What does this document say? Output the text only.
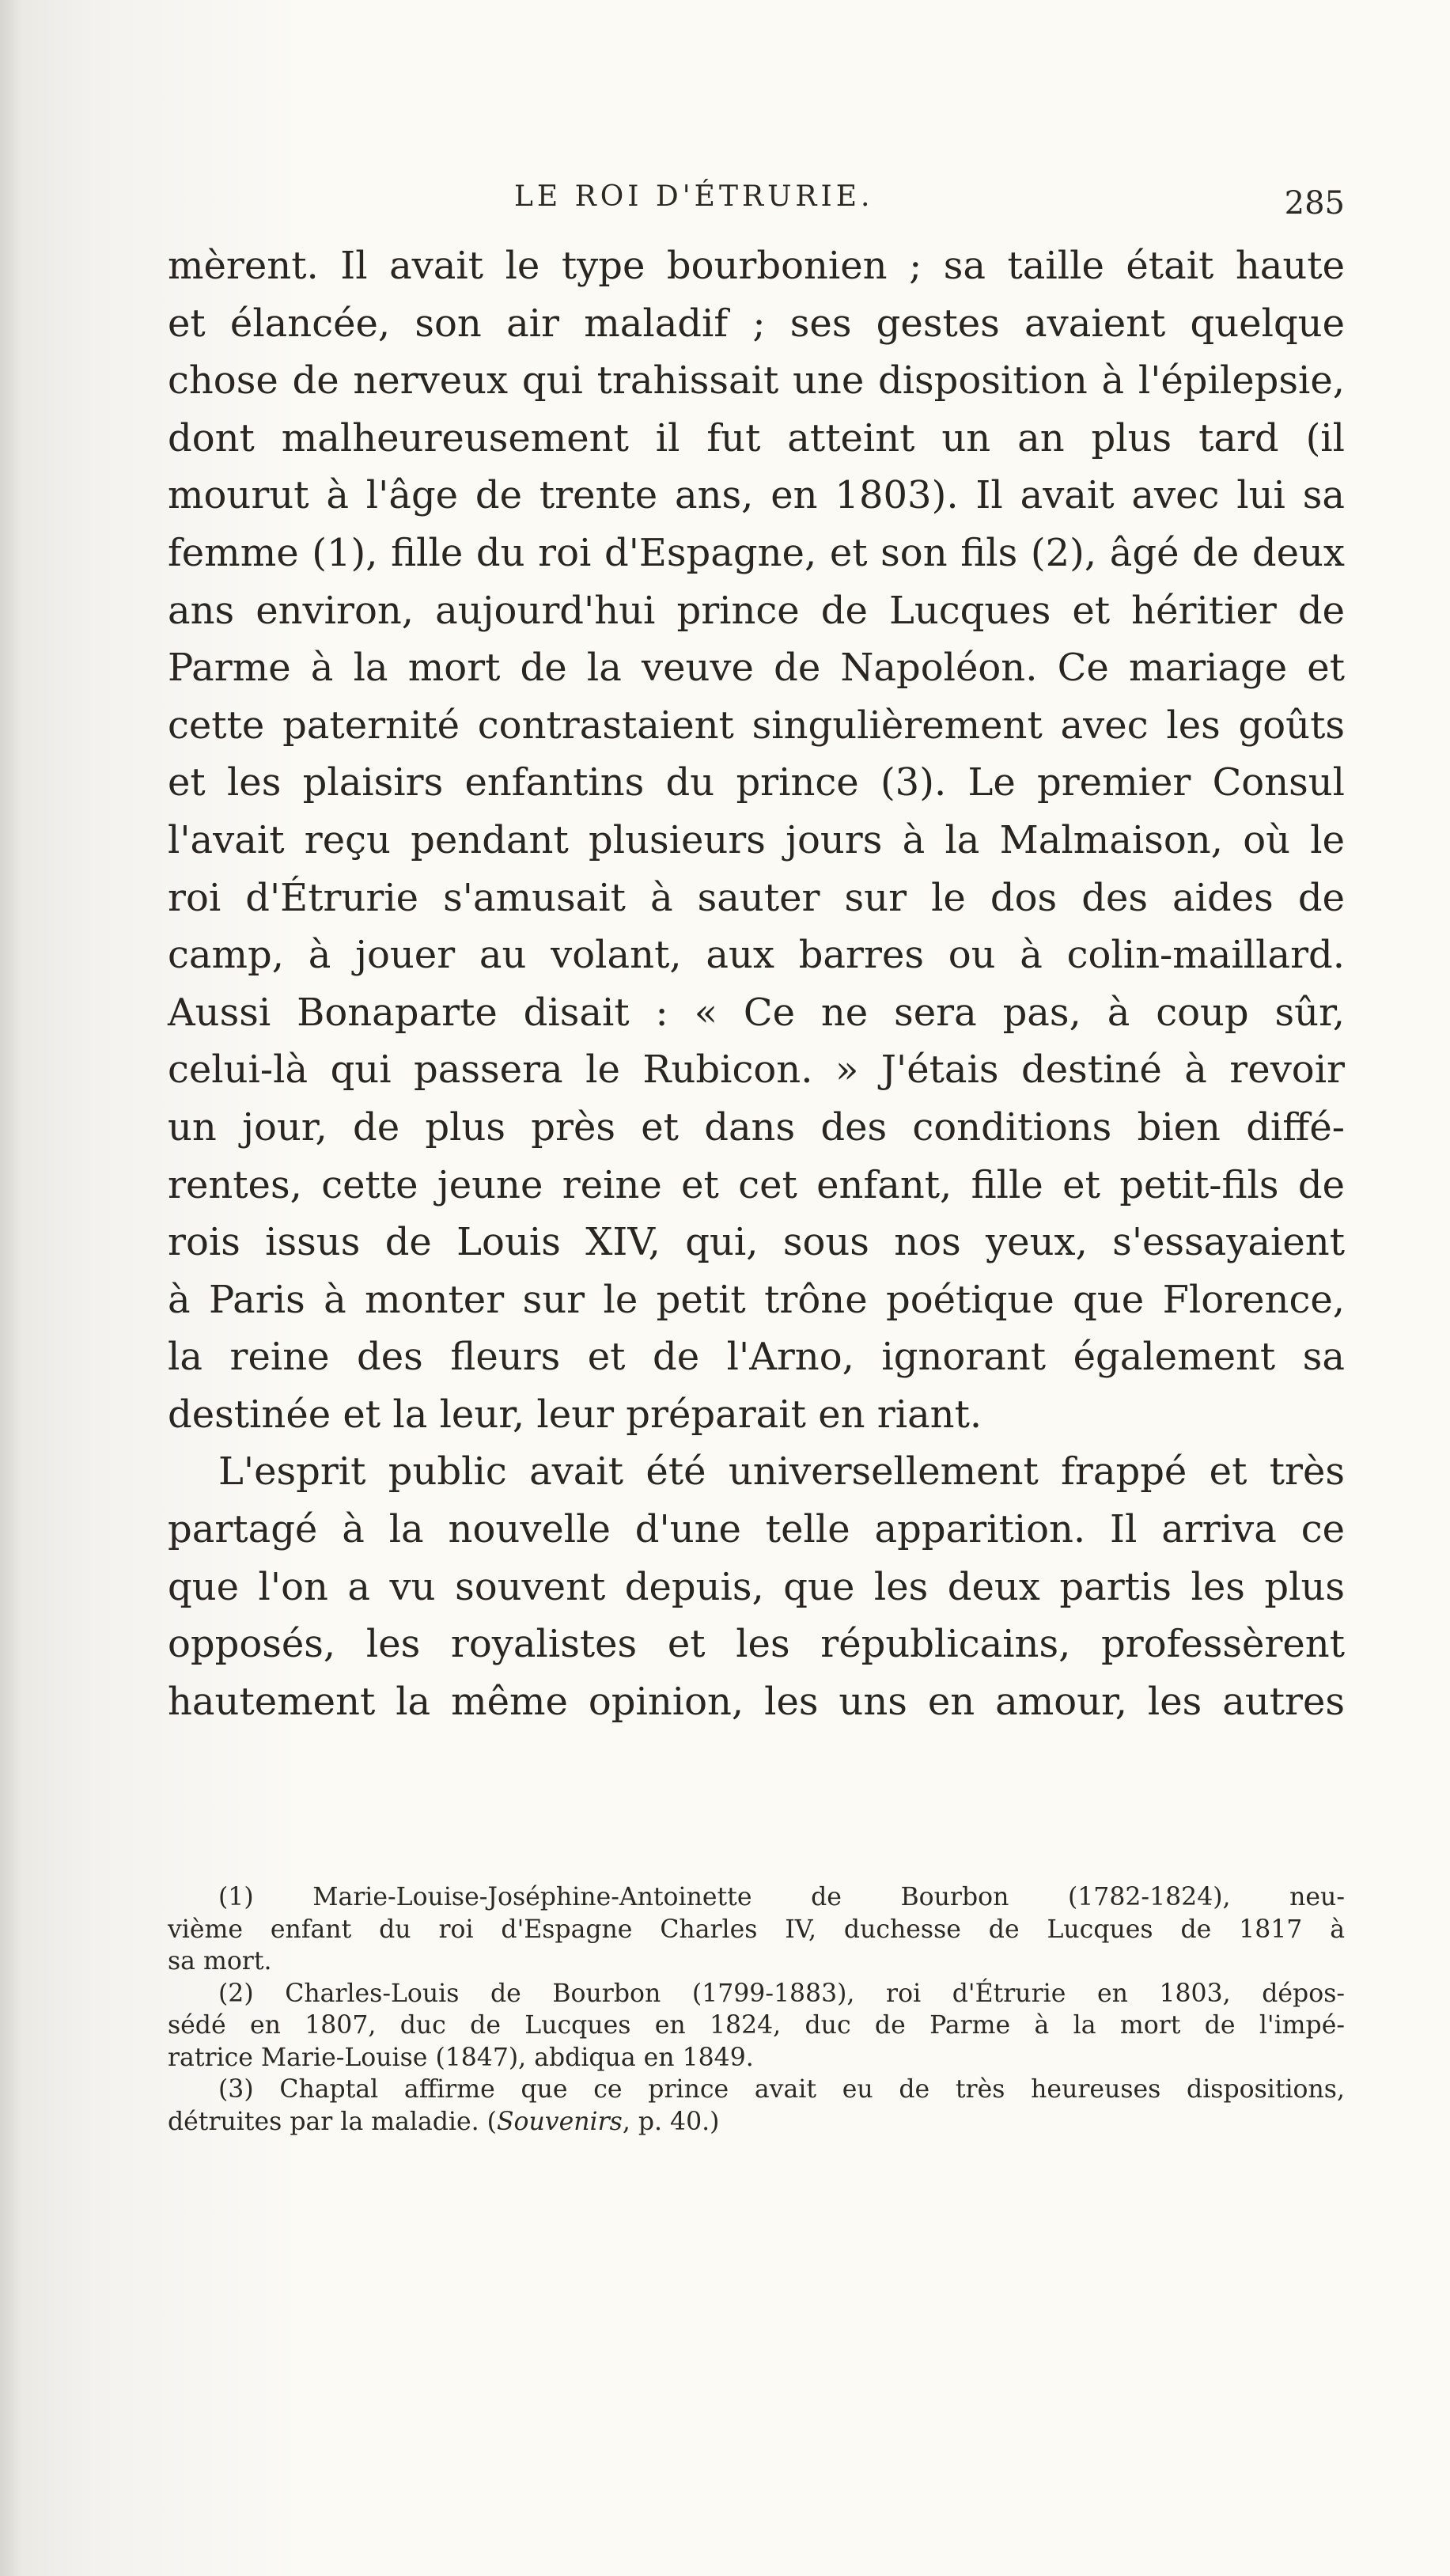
LE ROI D'ÉTRURIE.	285
mèrent. Il avait le type bourbonien ; sa taille était haute
et élancée, son air maladif ; ses gestes avaient quelque
chose de nerveux qui trahissait une disposition à l'épilepsie,
dont malheureusement il fut atteint un an plus tard (il
mourut à l'âge de trente ans, en 1803). Il avait avec lui sa
femme (1), fille du roi d'Espagne, et son fils (2), âgé de deux
ans environ, aujourd'hui prince de Lucques et héritier de
Parme à la mort de la veuve de Napoléon. Ce mariage et
cette paternité contrastaient singulièrement avec les goûts
et les plaisirs enfantins du prince (3). Le premier Consul
l'avait reçu pendant plusieurs jours à la Malmaison, où le
roi d'Étrurie s'amusait à sauter sur le dos des aides de
camp, à jouer au volant, aux barres ou à colin-maillard.
Aussi Bonaparte disait : « Ce ne sera pas, à coup sûr,
celui-là qui passera le Rubicon. » J'étais destiné à revoir
un jour, de plus près et dans des conditions bien diffé-
rentes, cette jeune reine et cet enfant, fille et petit-fils de
rois issus de Louis XIV, qui, sous nos yeux, s'essayaient
à Paris à monter sur le petit trône poétique que Florence,
la reine des fleurs et de l'Arno, ignorant également sa
destinée et la leur, leur préparait en riant.
L'esprit public avait été universellement frappé et très
partagé à la nouvelle d'une telle apparition. Il arriva ce
que l'on a vu souvent depuis, que les deux partis les plus
opposés, les royalistes et les républicains, professèrent
hautement la même opinion, les uns en amour, les autres
(1) Marie-Louise-Joséphine-Antoinette de Bourbon (1782-1824), neu-
vième enfant du roi d'Espagne Charles IV, duchesse de Lucques de 1817 à
sa mort.
(2) Charles-Louis de Bourbon (1799-1883), roi d'Étrurie en 1803, dépos-
sédé en 1807, duc de Lucques en 1824, duc de Parme à la mort de l'impé-
ratrice Marie-Louise (1847), abdiqua en 1849.
(3) Chaptal affirme que ce prince avait eu de très heureuses dispositions,
détruites par la maladie. (Souvenirs, p. 40.)
